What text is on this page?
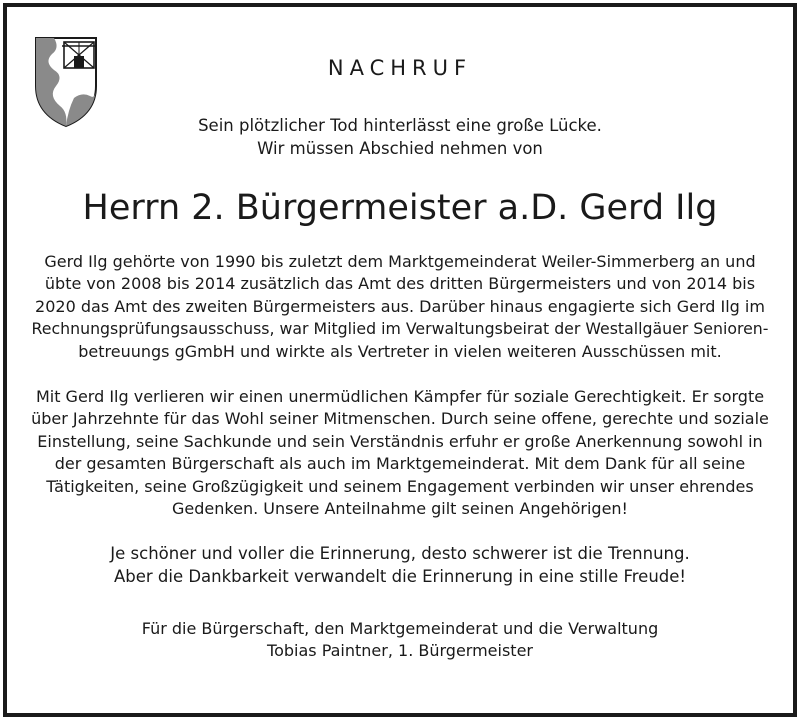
NACHRUF
Sein plötzlicher Tod hinterlässt eine große Lücke.
Wir müssen Abschied nehmen von
Herrn 2. Bürgermeister a.D. Gerd Ilg
Gerd Ilg gehörte von 1990 bis zuletzt dem Marktgemeinderat Weiler-Simmerberg an und
übte von 2008 bis 2014 zusätzlich das Amt des dritten Bürgermeisters und von 2014 bis
2020 das Amt des zweiten Bürgermeisters aus. Darüber hinaus engagierte sich Gerd Ilg im
Rechnungsprüfungsausschuss, war Mitglied im Verwaltungsbeirat der Westallgäuer Senioren-
betreuungs gGmbH und wirkte als Vertreter in vielen weiteren Ausschüssen mit.
Mit Gerd Ilg verlieren wir einen unermüdlichen Kämpfer für soziale Gerechtigkeit. Er sorgte
über Jahrzehnte für das Wohl seiner Mitmenschen. Durch seine offene, gerechte und soziale
Einstellung, seine Sachkunde und sein Verständnis erfuhr er große Anerkennung sowohl in
der gesamten Bürgerschaft als auch im Marktgemeinderat. Mit dem Dank für all seine
Tätigkeiten, seine Großzügigkeit und seinem Engagement verbinden wir unser ehrendes
Gedenken. Unsere Anteilnahme gilt seinen Angehörigen!
Je schöner und voller die Erinnerung, desto schwerer ist die Trennung.
Aber die Dankbarkeit verwandelt die Erinnerung in eine stille Freude!
Für die Bürgerschaft, den Marktgemeinderat und die Verwaltung
Tobias Paintner, 1. Bürgermeister
